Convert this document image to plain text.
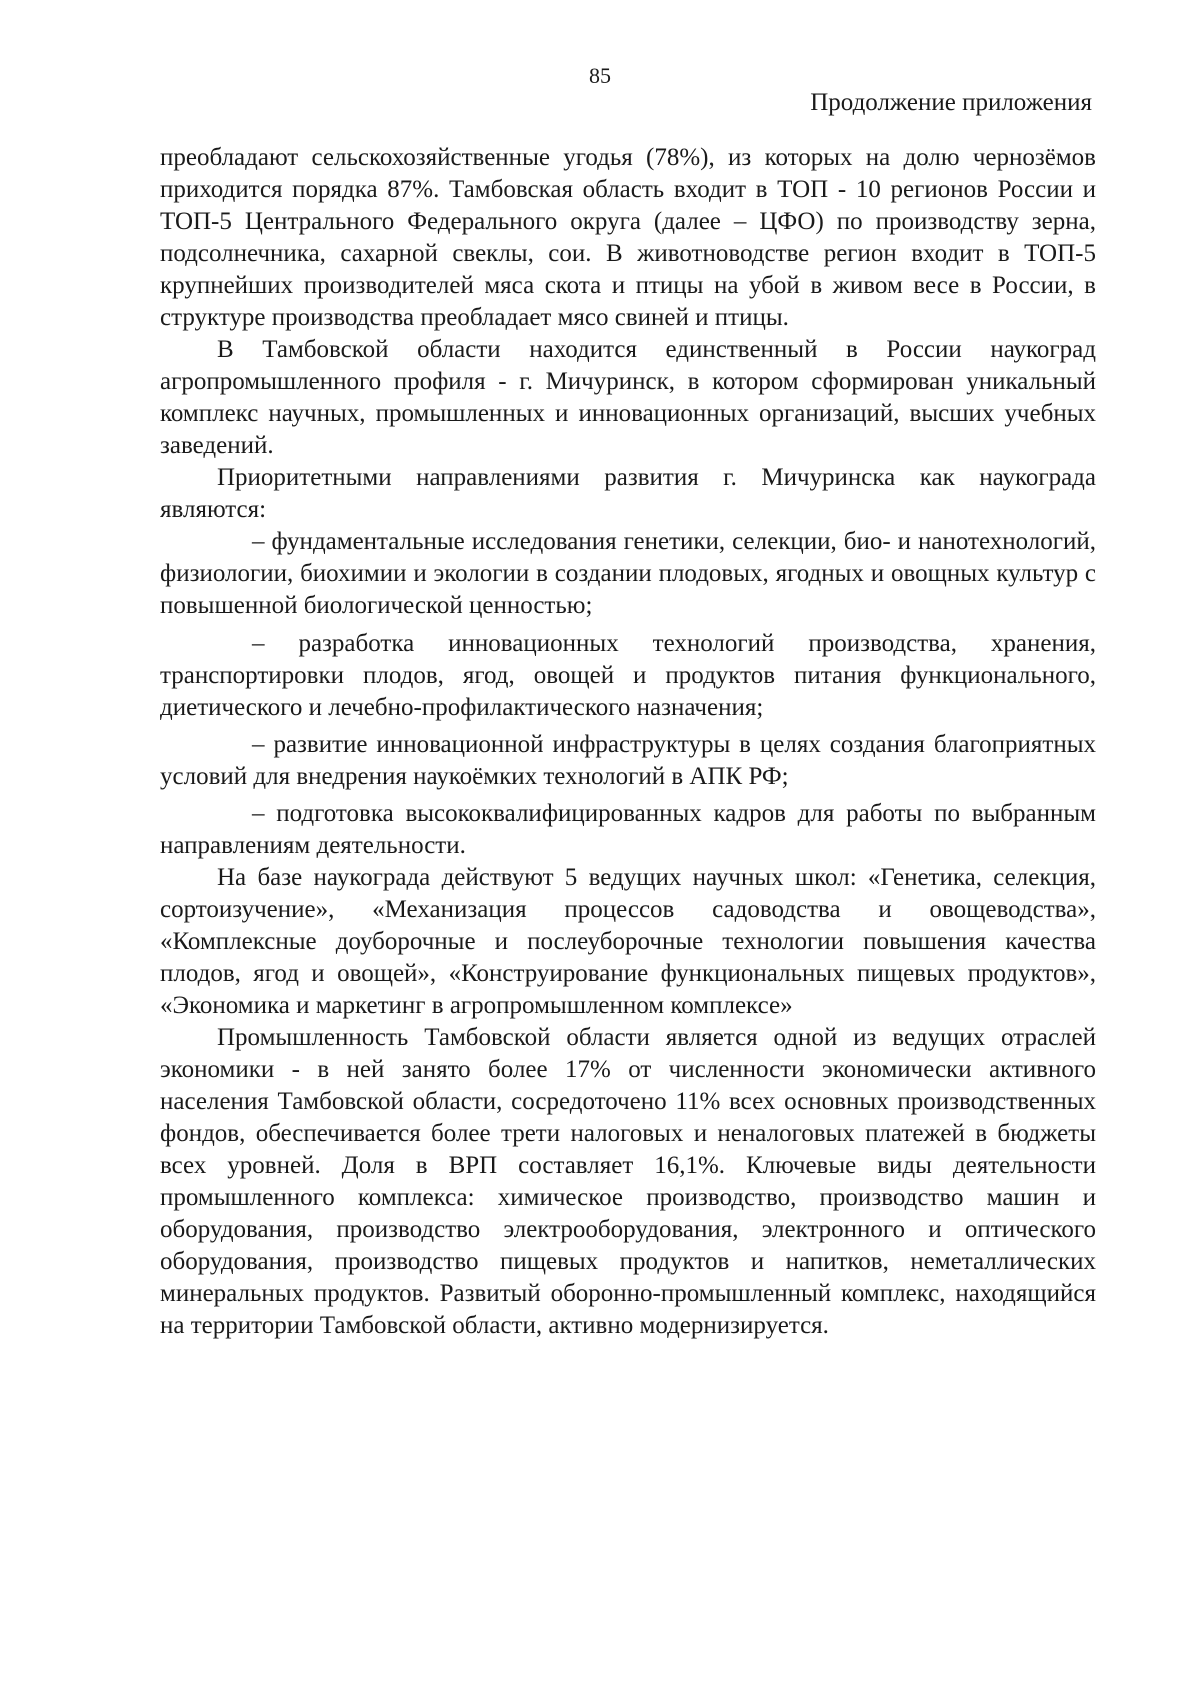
85
Продолжение приложения

преобладают сельскохозяйственные угодья (78%), из которых на долю чернозёмов приходится порядка 87%. Тамбовская область входит в ТОП - 10 регионов России и ТОП-5 Центрального Федерального округа (далее – ЦФО) по производству зерна, подсолнечника, сахарной свеклы, сои. В животноводстве регион входит в ТОП-5 крупнейших производителей мяса скота и птицы на убой в живом весе в России, в структуре производства преобладает мясо свиней и птицы.

В Тамбовской области находится единственный в России наукоград агропромышленного профиля - г. Мичуринск, в котором сформирован уникальный комплекс научных, промышленных и инновационных организаций, высших учебных заведений.

Приоритетными направлениями развития г. Мичуринска как наукограда являются:

– фундаментальные исследования генетики, селекции, био- и нанотехнологий, физиологии, биохимии и экологии в создании плодовых, ягодных и овощных культур с повышенной биологической ценностью;

– разработка инновационных технологий производства, хранения, транспортировки плодов, ягод, овощей и продуктов питания функционального, диетического и лечебно-профилактического назначения;

– развитие инновационной инфраструктуры в целях создания благоприятных условий для внедрения наукоёмких технологий в АПК РФ;

– подготовка высококвалифицированных кадров для работы по выбранным направлениям деятельности.

На базе наукограда действуют 5 ведущих научных школ: «Генетика, селекция, сортоизучение», «Механизация процессов садоводства и овощеводства», «Комплексные доуборочные и послеуборочные технологии повышения качества плодов, ягод и овощей», «Конструирование функциональных пищевых продуктов», «Экономика и маркетинг в агропромышленном комплексе»

Промышленность Тамбовской области является одной из ведущих отраслей экономики - в ней занято более 17% от численности экономически активного населения Тамбовской области, сосредоточено 11% всех основных производственных фондов, обеспечивается более трети налоговых и неналоговых платежей в бюджеты всех уровней. Доля в ВРП составляет 16,1%. Ключевые виды деятельности промышленного комплекса: химическое производство, производство машин и оборудования, производство электрооборудования, электронного и оптического оборудования, производство пищевых продуктов и напитков, неметаллических минеральных продуктов. Развитый оборонно-промышленный комплекс, находящийся на территории Тамбовской области, активно модернизируется.
